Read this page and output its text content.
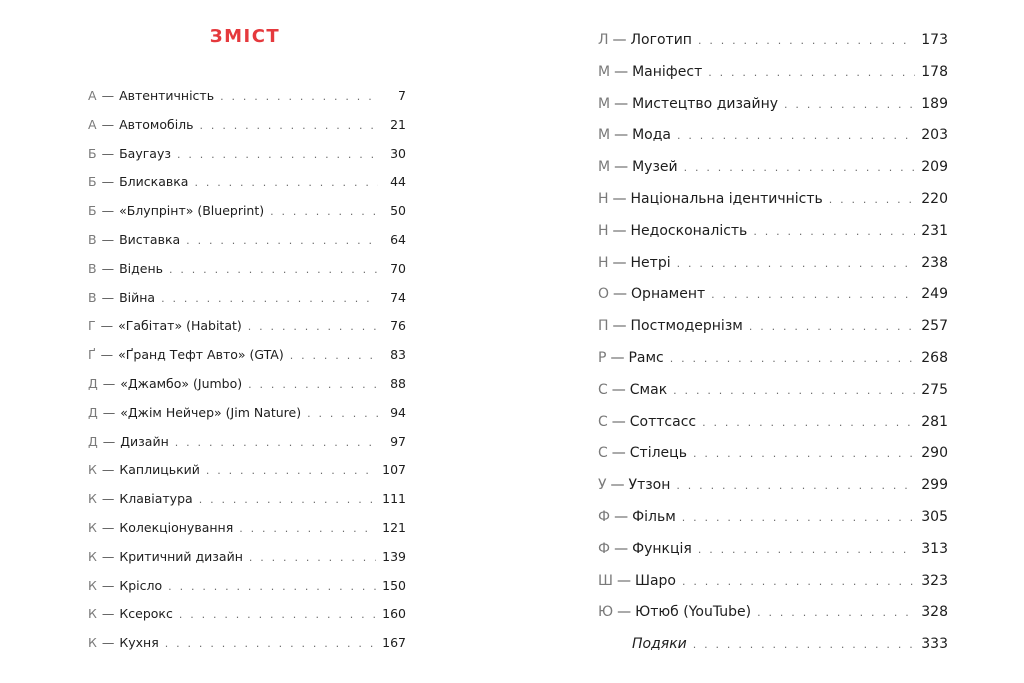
ЗМІСТ
А — Автентичність . . .	7
А — Автомобіль . . .	21
Б — Баугауз . . .	30
Б — Блискавка . . .	44
Б — «Блупрінт» (Blueprint) . . .	50
В — Виставка . . .	64
В — Відень . . .	70
В — Війна . . .	74
Г — «Габітат» (Habitat) . . .	76
Ґ — «Ґранд Тефт Авто» (GTA) . . .	83
Д — «Джамбо» (Jumbo) . . .	88
Д — «Джім Нейчер» (Jim Nature) . . .	94
Д — Дизайн . . .	97
К — Каплицький . . .	107
К — Клавіатура . . .	111
К — Колекціонування . . .	121
К — Критичний дизайн . . .	139
К — Крісло . . .	150
К — Ксерокс . . .	160
К — Кухня . . .	167
Л — Логотип . . .	173
М — Маніфест . . .	178
М — Мистецтво дизайну . . .	189
М — Мода . . .	203
М — Музей . . .	209
Н — Національна ідентичність . . .	220
Н — Недосконалість . . .	231
Н — Нетрі . . .	238
О — Орнамент . . .	249
П — Постмодернізм . . .	257
Р — Рамс . . .	268
С — Смак . . .	275
С — Соттсасс . . .	281
С — Стілець . . .	290
У — Утзон . . .	299
Ф — Фільм . . .	305
Ф — Функція . . .	313
Ш — Шаро . . .	323
Ю — Ютюб (YouTube) . . .	328
Подяки . . .	333
